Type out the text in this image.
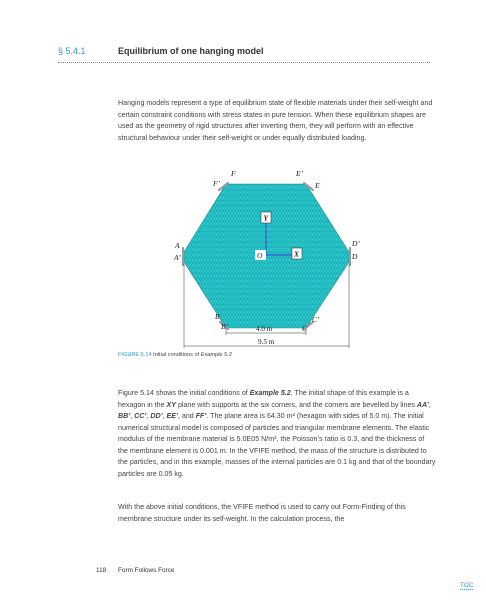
§ 5.4.1	Equilibrium of one hanging model

Hanging models represent a type of equilibrium state of flexible materials under their self-weight and certain constraint conditions with stress states in pure tension. When these equilibrium shapes are used as the geometry of rigid structures after inverting them, they will perform with an effective structural behaviour under their self-weight or under equally distributed loading.

Y
X
O
F	E’
F’	E
A
A’
D’
D
B
B’	C
C’
4.0 m
9.5 m
FIGURE 5.14 Initial conditions of Example 5.2

Figure 5.14 shows the initial conditions of Example 5.2. The initial shape of this example is a hexagon in the XY plane with supports at the six corners, and the corners are bevelled by lines AA’, BB’, CC’, DD’, EE’, and FF’. The plane area is 64.30 m² (hexagon with sides of 5.0 m). The initial numerical structural model is composed of particles and triangular membrane elements. The elastic modulus of the membrane material is 5.0E05 N/m², the Poisson’s ratio is 0.3, and the thickness of the membrane element is 0.001 m. In the VFIFE method, the mass of the structure is distributed to the particles, and in this example, masses of the internal particles are 0.1 kg and that of the boundary particles are 0.05 kg.

With the above initial conditions, the VFIFE method is used to carry out Form-Finding of this membrane structure under its self-weight. In the calculation process, the

118 Form Follows Force
TOC
